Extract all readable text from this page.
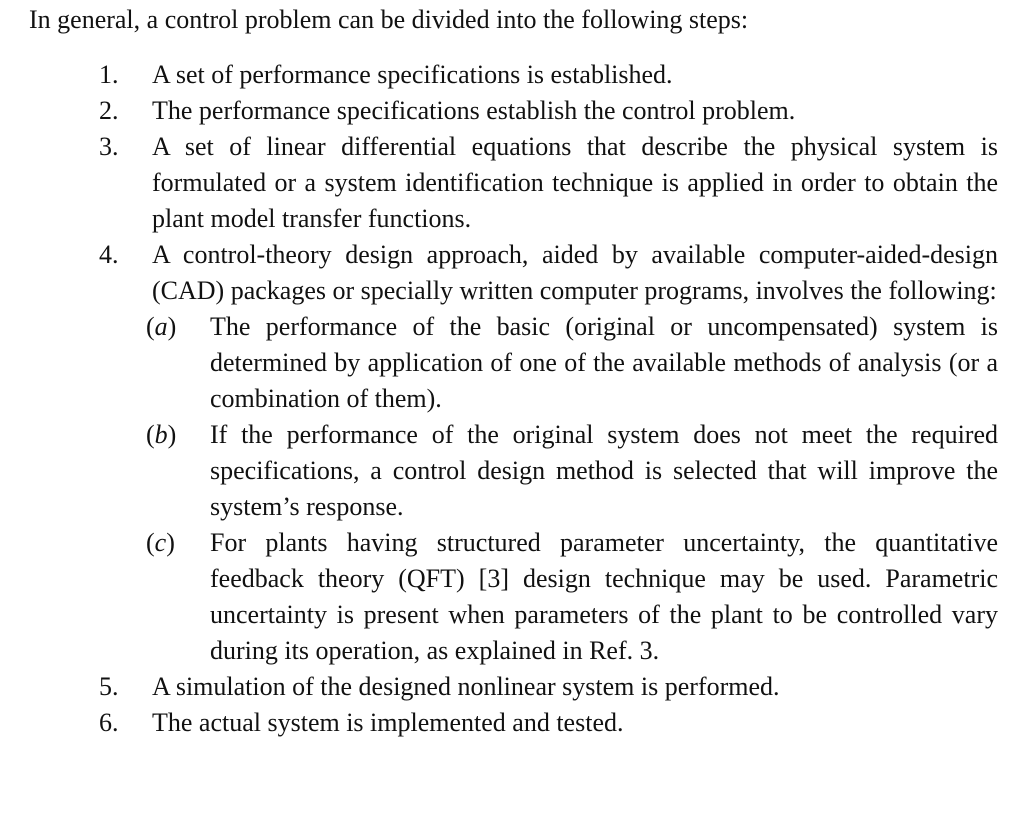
In general, a control problem can be divided into the following steps:

1.	A set of performance specifications is established.
2.	The performance specifications establish the control problem.
3.	A set of linear differential equations that describe the physical system is formulated or a system identification technique is applied in order to obtain the plant model transfer functions.
4.	A control-theory design approach, aided by available computer-aided-design (CAD) packages or specially written computer programs, involves the following:
(a)	The performance of the basic (original or uncompensated) system is determined by application of one of the available methods of analysis (or a combination of them).
(b)	If the performance of the original system does not meet the required specifications, a control design method is selected that will improve the system’s response.
(c)	For plants having structured parameter uncertainty, the quantitative feedback theory (QFT) [3] design technique may be used. Parametric uncertainty is present when parameters of the plant to be controlled vary during its operation, as explained in Ref. 3.
5.	A simulation of the designed nonlinear system is performed.
6.	The actual system is implemented and tested.
